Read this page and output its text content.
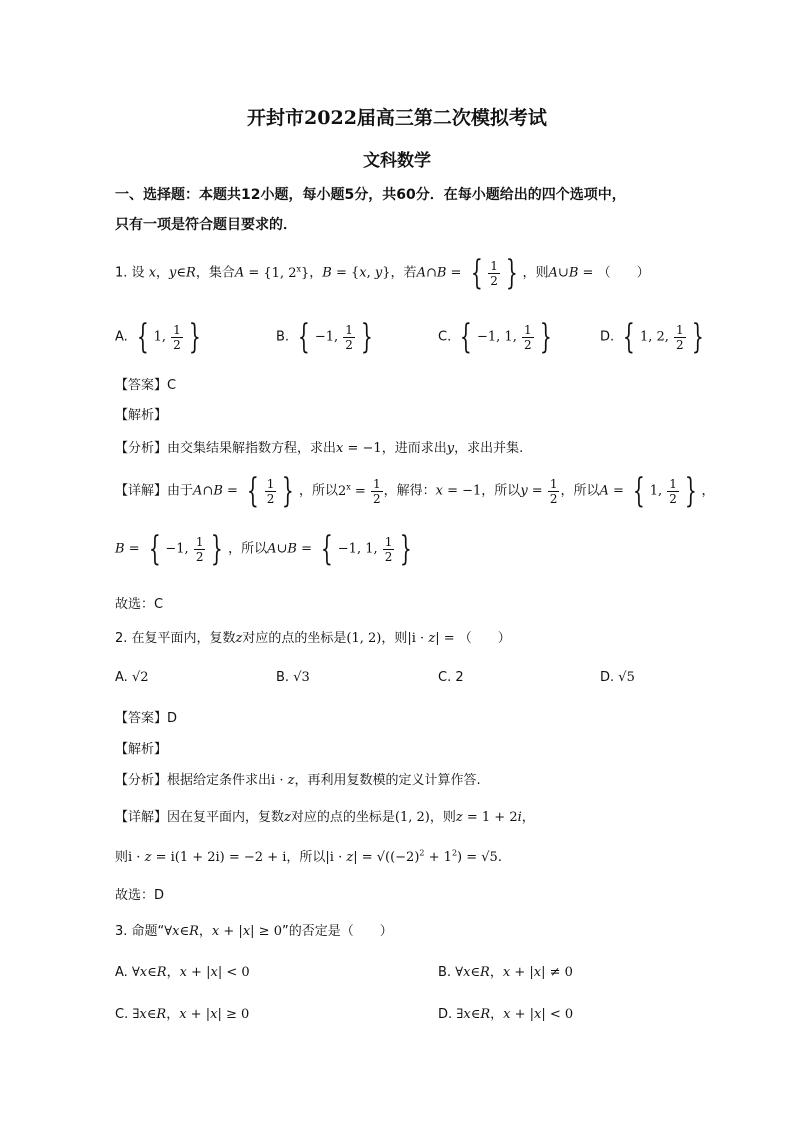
开封市2022届高三第二次模拟考试
文科数学
一、选择题：本题共12小题，每小题5分，共60分．在每小题给出的四个选项中，
只有一项是符合题目要求的．
1. 设 x，y∈R，集合A = {1, 2$^x$}，B = {x, y}，若A∩B = { $\frac{1}{2}$ } ，则A∪B = （　　）
A. { 1, $\frac{1}{2}$ }	B. { −1, $\frac{1}{2}$ }	C. { −1, 1, $\frac{1}{2}$ }	D. { 1, 2, $\frac{1}{2}$ }
【答案】C
【解析】
【分析】由交集结果解指数方程，求出x = −1，进而求出y，求出并集.
【详解】由于A∩B = { $\frac{1}{2}$ } ，所以$2^x = \frac{1}{2}$ ，解得：x = −1，所以$y = \frac{1}{2}$ ，所以A = { 1, $\frac{1}{2}$ } ，
B = { −1, $\frac{1}{2}$ } ，所以A∪B = { −1, 1, $\frac{1}{2}$ }
故选：C
2. 在复平面内，复数z对应的点的坐标是(1, 2)，则|i · z| = （　　）
A. √2	B. √3	C. 2	D. √5
【答案】D
【解析】
【分析】根据给定条件求出i · z，再利用复数模的定义计算作答.
【详解】因在复平面内，复数z对应的点的坐标是(1, 2)，则z = 1 + 2i，
则i · z = i(1 + 2i) = −2 + i，所以$|i \cdot z| = √((-2)^2 + 1^2) = √5$.
故选：D
3. 命题“∀x∈R，x + |x| ≥ 0”的否定是（　　）
A. ∀x∈R，x + |x| < 0	B. ∀x∈R，x + |x| ≠ 0
C. ∃x∈R，x + |x| ≥ 0	D. ∃x∈R，x + |x| < 0
